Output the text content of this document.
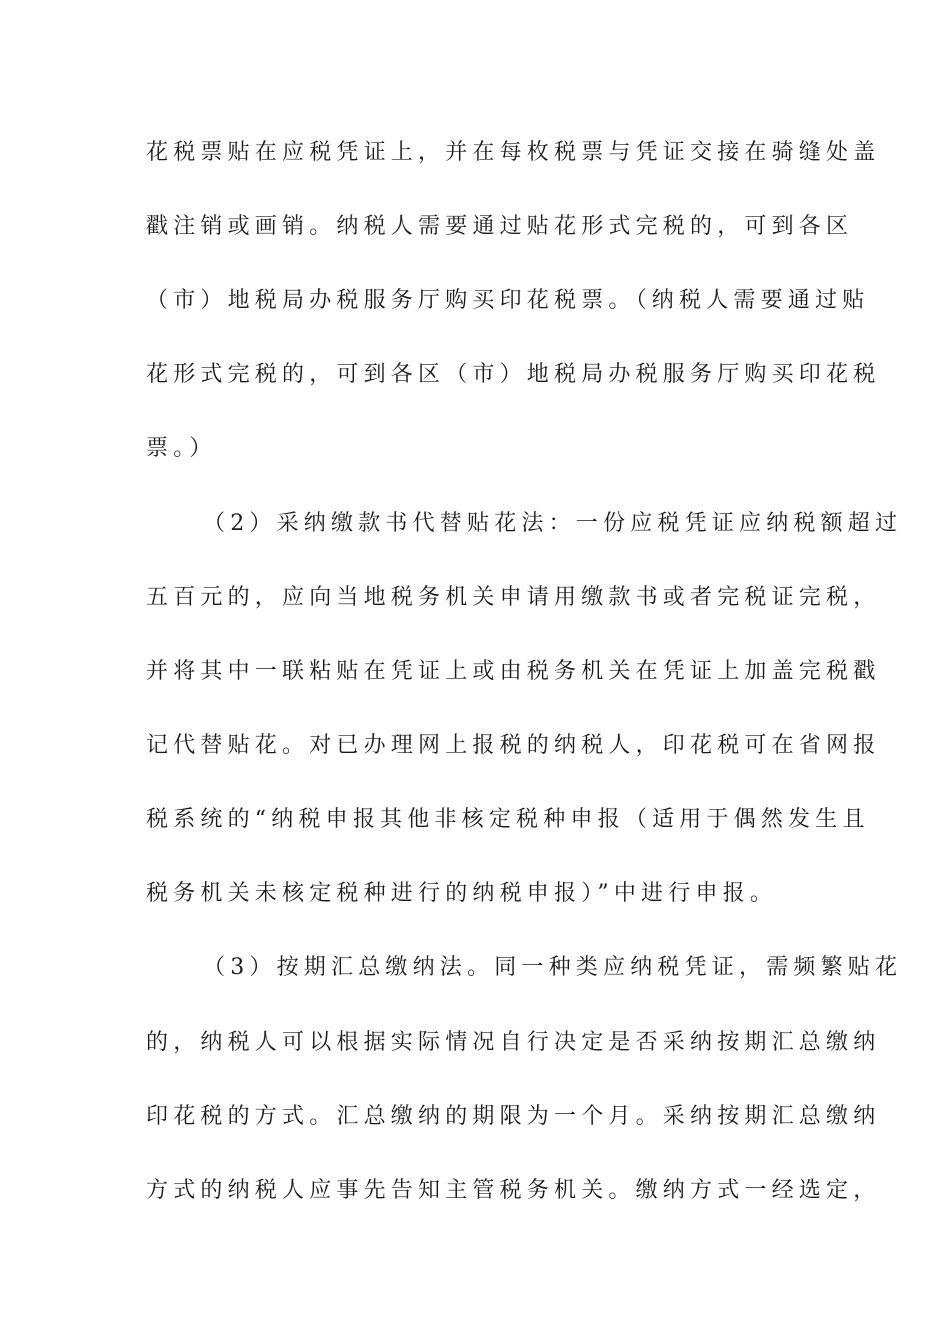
花税票贴在应税凭证上，并在每枚税票与凭证交接在骑缝处盖
戳注销或画销。纳税人需要通过贴花形式完税的，可到各区
（市）地税局办税服务厅购买印花税票。（纳税人需要通过贴
花形式完税的，可到各区（市）地税局办税服务厅购买印花税
票。）
（2）采纳缴款书代替贴花法：一份应税凭证应纳税额超过
五百元的，应向当地税务机关申请用缴款书或者完税证完税，
并将其中一联粘贴在凭证上或由税务机关在凭证上加盖完税戳
记代替贴花。对已办理网上报税的纳税人，印花税可在省网报
税系统的“纳税申报其他非核定税种申报（适用于偶然发生且
税务机关未核定税种进行的纳税申报）”中进行申报。
（3）按期汇总缴纳法。同一种类应纳税凭证，需频繁贴花
的，纳税人可以根据实际情况自行决定是否采纳按期汇总缴纳
印花税的方式。汇总缴纳的期限为一个月。采纳按期汇总缴纳
方式的纳税人应事先告知主管税务机关。缴纳方式一经选定，
